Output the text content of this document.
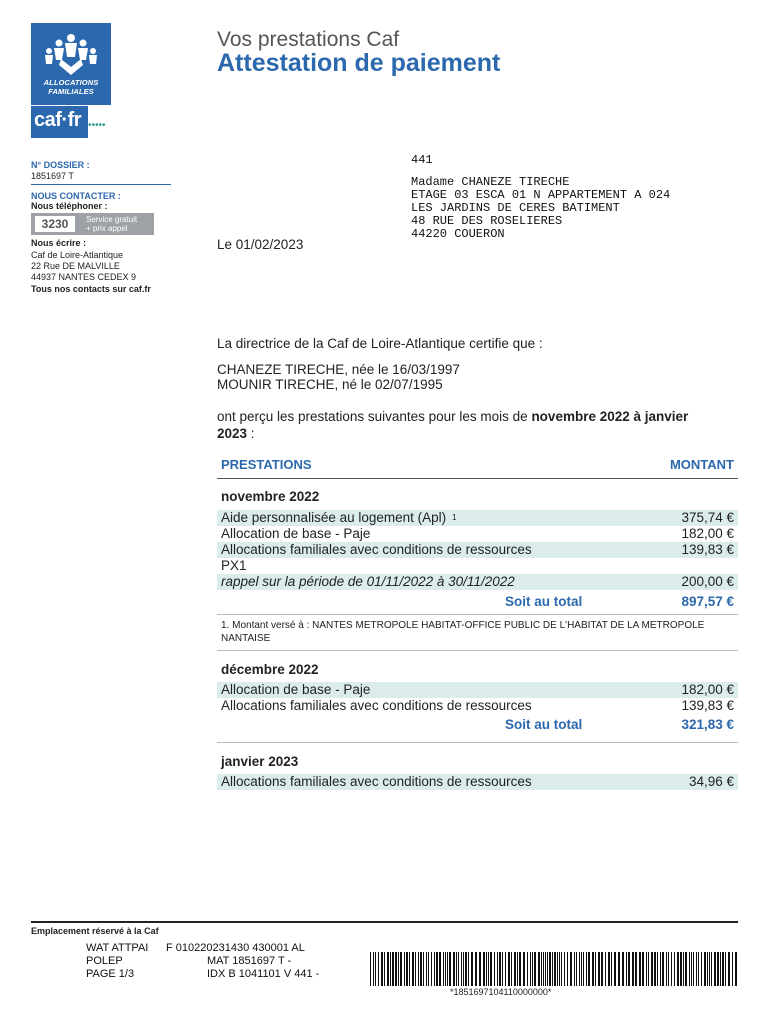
ALLOCATIONS
FAMILIALES
caf·fr •••••
N° DOSSIER :
1851697 T
NOUS CONTACTER :
Nous téléphoner :
3230	Service gratuit
+ prix appel
Nous écrire :
Caf de Loire-Atlantique
22 Rue DE MALVILLE
44937 NANTES CEDEX 9
Tous nos contacts sur caf.fr
Vos prestations Caf
Attestation de paiement
441
Madame CHANEZE TIRECHE
ETAGE 03 ESCA 01 N APPARTEMENT A 024
LES JARDINS DE CERES BATIMENT
48 RUE DES ROSELIERES
44220 COUERON
Le 01/02/2023
La directrice de la Caf de Loire-Atlantique certifie que :
CHANEZE TIRECHE, née le 16/03/1997
MOUNIR TIRECHE, né le 02/07/1995
ont perçu les prestations suivantes pour les mois de novembre 2022 à janvier
2023 :
PRESTATIONS	MONTANT
novembre 2022
Aide personnalisée au logement (Apl) $^1$	375,74 €
Allocation de base - Paje	182,00 €
Allocations familiales avec conditions de ressources	139,83 €
PX1
rappel sur la période de 01/11/2022 à 30/11/2022	200,00 €
Soit au total	897,57 €
1. Montant versé à : NANTES METROPOLE HABITAT-OFFICE PUBLIC DE L'HABITAT DE LA METROPOLE NANTAISE
décembre 2022
Allocation de base - Paje	182,00 €
Allocations familiales avec conditions de ressources	139,83 €
Soit au total	321,83 €
janvier 2023
Allocations familiales avec conditions de ressources	34,96 €
Emplacement réservé à la Caf
WAT ATTPAI F 010220231430 430001 AL
POLEP	MAT 1851697 T -
PAGE 1/3	IDX B 1041101 V 441 -
*1851697104110000000*
